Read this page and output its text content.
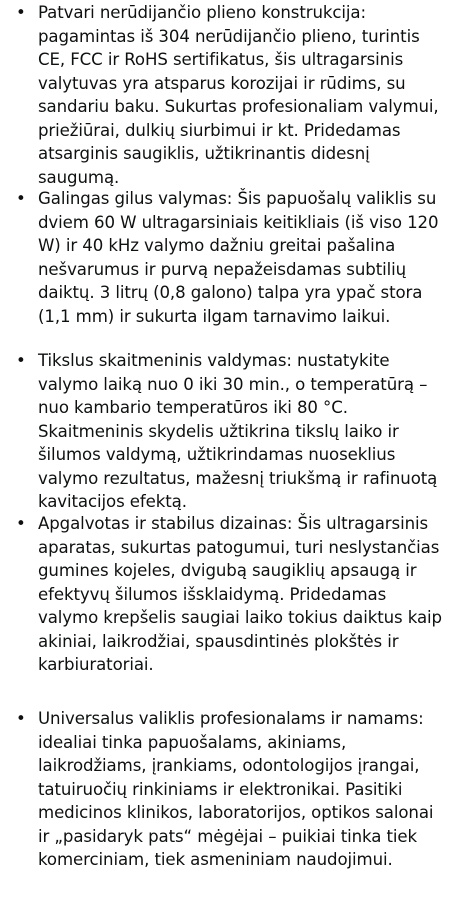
• Patvari nerūdijančio plieno konstrukcija: pagamintas iš 304 nerūdijančio plieno, turintis CE, FCC ir RoHS sertifikatus, šis ultragarsinis valytuvas yra atsparus korozijai ir rūdims, su sandariu baku. Sukurtas profesionaliam valymui, priežiūrai, dulkių siurbimui ir kt. Pridedamas atsarginis saugiklis, užtikrinantis didesnį saugumą.
• Galingas gilus valymas: Šis papuošalų valiklis su dviem 60 W ultragarsiniais keitikliais (iš viso 120 W) ir 40 kHz valymo dažniu greitai pašalina nešvarumus ir purvą nepažeisdamas subtilių daiktų. 3 litrų (0,8 galono) talpa yra ypač stora (1,1 mm) ir sukurta ilgam tarnavimo laikui.
• Tikslus skaitmeninis valdymas: nustatykite valymo laiką nuo 0 iki 30 min., o temperatūrą – nuo kambario temperatūros iki 80 °C. Skaitmeninis skydelis užtikrina tikslų laiko ir šilumos valdymą, užtikrindamas nuoseklius valymo rezultatus, mažesnį triukšmą ir rafinuotą kavitacijos efektą.
• Apgalvotas ir stabilus dizainas: Šis ultragarsinis aparatas, sukurtas patogumui, turi neslystančias gumines kojeles, dvigubą saugiklių apsaugą ir efektyvų šilumos išsklaidymą. Pridedamas valymo krepšelis saugiai laiko tokius daiktus kaip akiniai, laikrodžiai, spausdintinės plokštės ir karbiuratoriai.
• Universalus valiklis profesionalams ir namams: idealiai tinka papuošalams, akiniams, laikrodžiams, įrankiams, odontologijos įrangai, tatuiruočių rinkiniams ir elektronikai. Pasitiki medicinos klinikos, laboratorijos, optikos salonai ir „pasidaryk pats“ mėgėjai – puikiai tinka tiek komerciniam, tiek asmeniniam naudojimui.
